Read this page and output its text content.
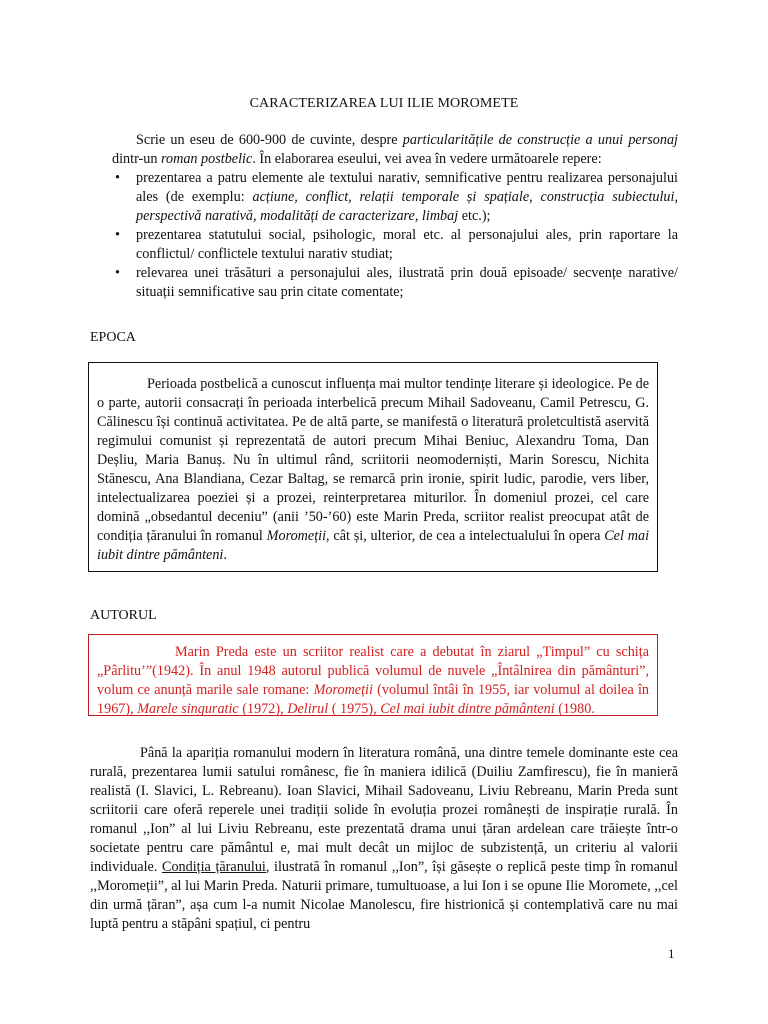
CARACTERIZAREA LUI ILIE MOROMETE

Scrie un eseu de 600-900 de cuvinte, despre particularitățile de construcție a unui personaj dintr-un roman postbelic. În elaborarea eseului, vei avea în vedere următoarele repere:

• prezentarea a patru elemente ale textului narativ, semnificative pentru realizarea personajului ales (de exemplu: acțiune, conflict, relații temporale și spațiale, construcția subiectului, perspectivă narativă, modalități de caracterizare, limbaj etc.);
• prezentarea statutului social, psihologic, moral etc. al personajului ales, prin raportare la conflictul/ conflictele textului narativ studiat;
• relevarea unei trăsături a personajului ales, ilustrată prin două episoade/ secvențe narative/ situații semnificative sau prin citate comentate;
EPOCA

Perioada postbelică a cunoscut influența mai multor tendințe literare și ideologice. Pe de o parte, autorii consacrați în perioada interbelică precum Mihail Sadoveanu, Camil Petrescu, G. Călinescu își continuă activitatea. Pe de altă parte, se manifestă o literatură proletcultistă aservită regimului comunist și reprezentată de autori precum Mihai Beniuc, Alexandru Toma, Dan Deșliu, Maria Banuș. Nu în ultimul rând, scriitorii neomoderniști, Marin Sorescu, Nichita Stănescu, Ana Blandiana, Cezar Baltag, se remarcă prin ironie, spirit ludic, parodie, vers liber, intelectualizarea poeziei și a prozei, reinterpretarea miturilor. În domeniul prozei, cel care domină „obsedantul deceniu” (anii ’50-’60) este Marin Preda, scriitor realist preocupat atât de condiția țăranului în romanul Moromeții, cât și, ulterior, de cea a intelectualului în opera Cel mai iubit dintre pământeni.

AUTORUL

Marin Preda este un scriitor realist care a debutat în ziarul „Timpul” cu schița „Pârlitu’”(1942). În anul 1948 autorul publică volumul de nuvele „Întâlnirea din pământuri”, volum ce anunță marile sale romane: Moromeții (volumul întâi în 1955, iar volumul al doilea în 1967), Marele singuratic (1972), Delirul ( 1975), Cel mai iubit dintre pământeni (1980.

Până la apariția romanului modern în literatura română, una dintre temele dominante este cea rurală, prezentarea lumii satului românesc, fie în maniera idilică (Duiliu Zamfirescu), fie în manieră realistă (I. Slavici, L. Rebreanu). Ioan Slavici, Mihail Sadoveanu, Liviu Rebreanu, Marin Preda sunt scriitorii care oferă reperele unei tradiții solide în evoluția prozei românești de inspirație rurală. În romanul ,,Ion” al lui Liviu Rebreanu, este prezentată drama unui țăran ardelean care trăiește într-o societate pentru care pământul e, mai mult decât un mijloc de subzistență, un criteriu al valorii individuale. Condiția țăranului, ilustrată în romanul ,,Ion”, își găsește o replică peste timp în romanul ,,Moromeții”, al lui Marin Preda. Naturii primare, tumultuoase, a lui Ion i se opune Ilie Moromete, ,,cel din urmă țăran”, așa cum l-a numit Nicolae Manolescu, fire histrionică și contemplativă care nu mai luptă pentru a stăpâni spațiul, ci pentru

1
